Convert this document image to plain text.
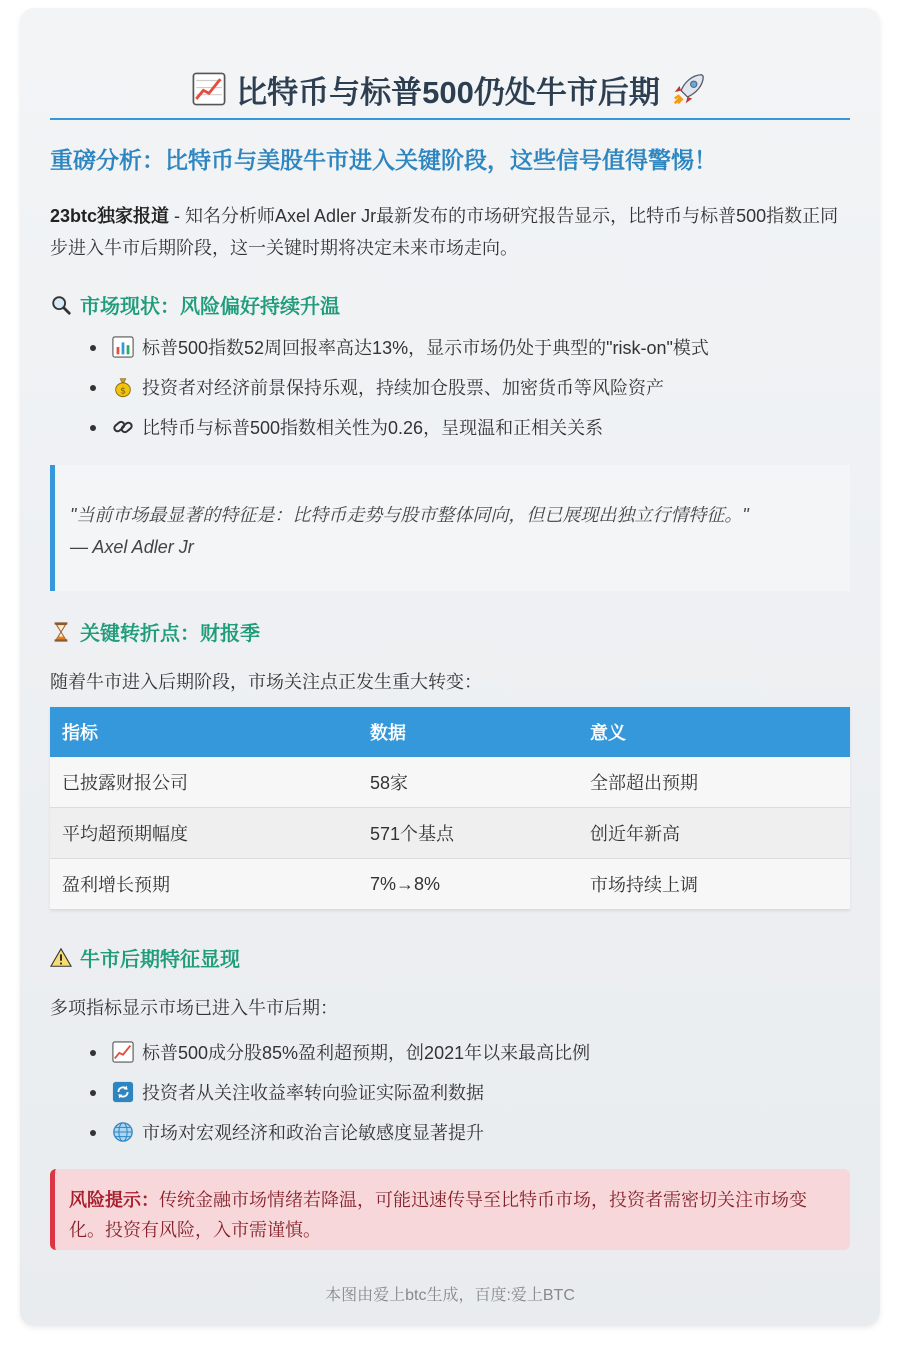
比特币与标普500仍处牛市后期
重磅分析：比特币与美股牛市进入关键阶段，这些信号值得警惕！
23btc独家报道 - 知名分析师Axel Adler Jr最新发布的市场研究报告显示，比特币与标普500指数正同步进入牛市后期阶段，这一关键时期将决定未来市场走向。
市场现状：风险偏好持续升温
标普500指数52周回报率高达13%，显示市场仍处于典型的"risk-on"模式
$ 投资者对经济前景保持乐观，持续加仓股票、加密货币等风险资产
比特币与标普500指数相关性为0.26，呈现温和正相关关系
"当前市场最显著的特征是：比特币走势与股市整体同向，但已展现出独立行情特征。"
— Axel Adler Jr
关键转折点：财报季
随着牛市进入后期阶段，市场关注点正发生重大转变：
指标	数据	意义
已披露财报公司	58家	全部超出预期
平均超预期幅度	571个基点	创近年新高
盈利增长预期	7%→8%	市场持续上调
牛市后期特征显现
多项指标显示市场已进入牛市后期：
标普500成分股85%盈利超预期，创2021年以来最高比例
投资者从关注收益率转向验证实际盈利数据
市场对宏观经济和政治言论敏感度显著提升
风险提示：传统金融市场情绪若降温，可能迅速传导至比特币市场，投资者需密切关注市场变化。投资有风险，入市需谨慎。
本图由爱上btc生成，百度:爱上BTC
